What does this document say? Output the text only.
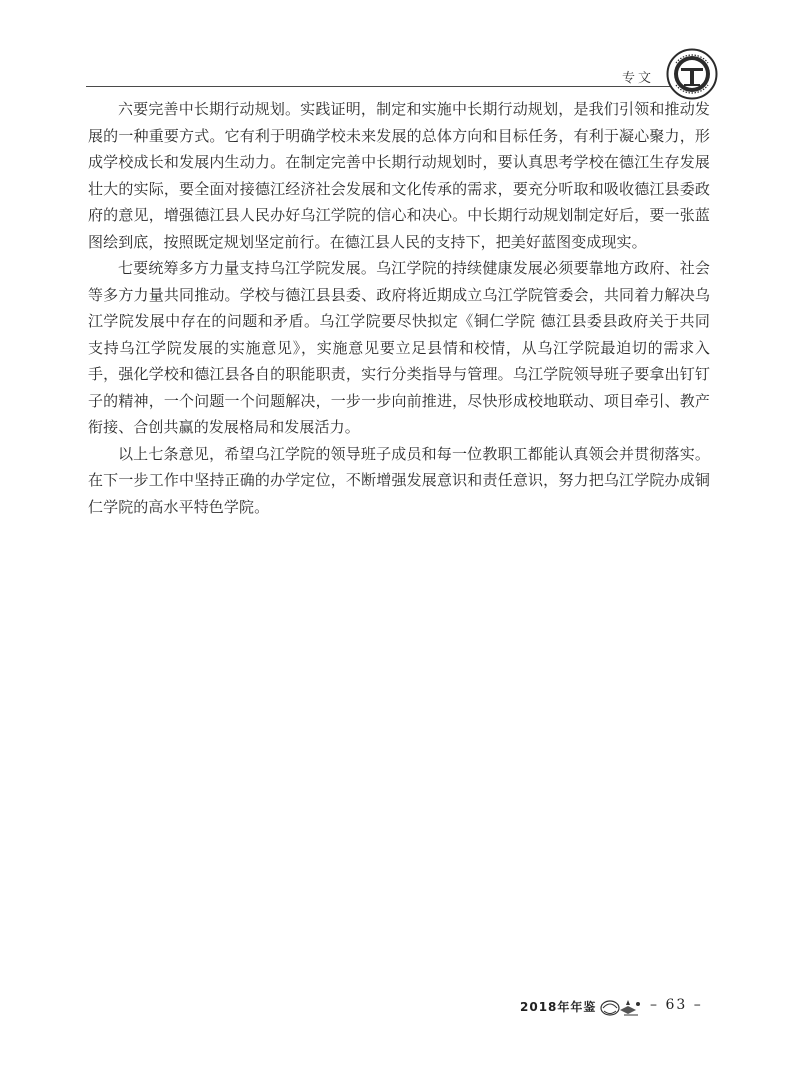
专文

六要完善中长期行动规划。实践证明，制定和实施中长期行动规划，是我们引领和推动发展的一种重要方式。它有利于明确学校未来发展的总体方向和目标任务，有利于凝心聚力，形成学校成长和发展内生动力。在制定完善中长期行动规划时，要认真思考学校在德江生存发展壮大的实际，要全面对接德江经济社会发展和文化传承的需求，要充分听取和吸收德江县委政府的意见，增强德江县人民办好乌江学院的信心和决心。中长期行动规划制定好后，要一张蓝图绘到底，按照既定规划坚定前行。在德江县人民的支持下，把美好蓝图变成现实。

七要统筹多方力量支持乌江学院发展。乌江学院的持续健康发展必须要靠地方政府、社会等多方力量共同推动。学校与德江县县委、政府将近期成立乌江学院管委会，共同着力解决乌江学院发展中存在的问题和矛盾。乌江学院要尽快拟定《铜仁学院 德江县委县政府关于共同支持乌江学院发展的实施意见》，实施意见要立足县情和校情，从乌江学院最迫切的需求入手，强化学校和德江县各自的职能职责，实行分类指导与管理。乌江学院领导班子要拿出钉钉子的精神，一个问题一个问题解决，一步一步向前推进，尽快形成校地联动、项目牵引、教产衔接、合创共赢的发展格局和发展活力。

以上七条意见，希望乌江学院的领导班子成员和每一位教职工都能认真领会并贯彻落实。在下一步工作中坚持正确的办学定位，不断增强发展意识和责任意识，努力把乌江学院办成铜仁学院的高水平特色学院。

2018年年鉴	– 63 –
